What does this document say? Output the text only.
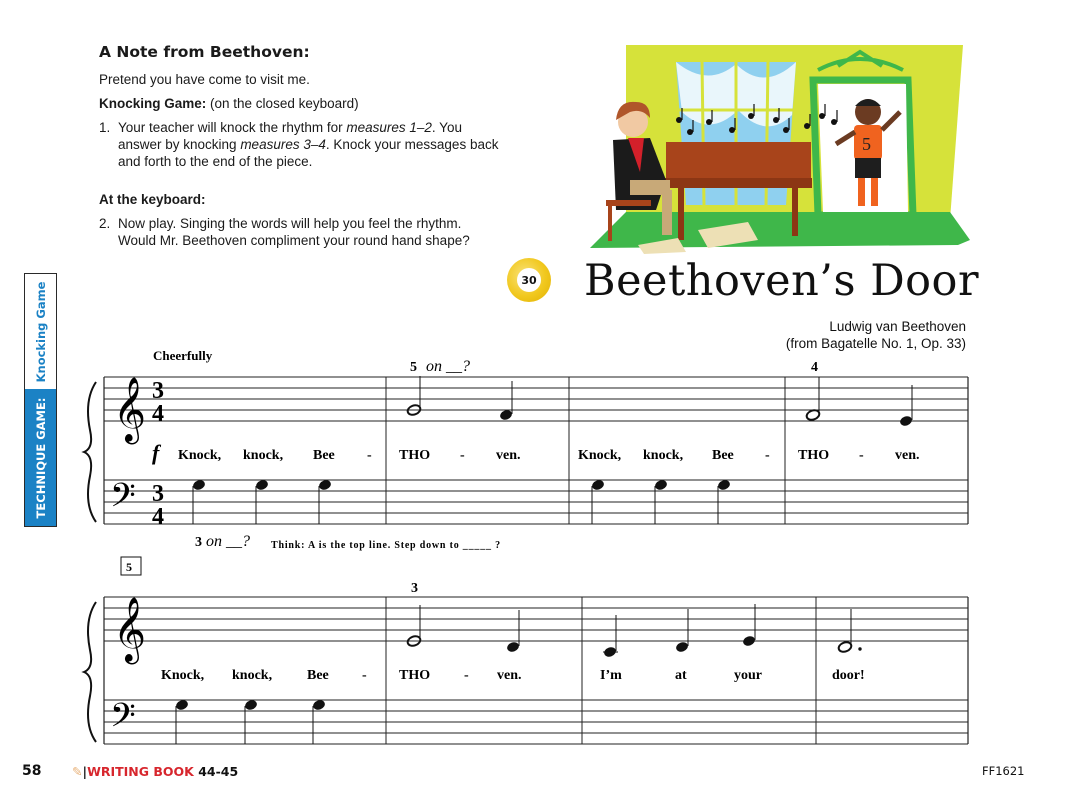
A Note from Beethoven:

Pretend you have come to visit me.

Knocking Game: (on the closed keyboard)

1. Your teacher will knock the rhythm for measures 1–2. You answer by knocking measures 3–4. Knock your messages back and forth to the end of the piece.

At the keyboard:

2. Now play. Singing the words will help you feel the rhythm. Would Mr. Beethoven compliment your round hand shape?
Knocking Game
TECHNIQUE GAME:
5
30 Beethoven’s Door
Ludwig van Beethoven
(from Bagatelle No. 1, Op. 33)
𝄞
𝄢
3
4
3
4
Cheerfully
f
5 on __?	4
Knock, knock, Bee - THO - ven.	Knock, knock, Bee - THO - ven.
3 on __? Think: A is the top line. Step down to _____ ?
𝄞
𝄢
5
3
Knock, knock, Bee - THO - ven.	I’m	at	your	door!
58 ✎|WRITING BOOK 44-45	FF1621
